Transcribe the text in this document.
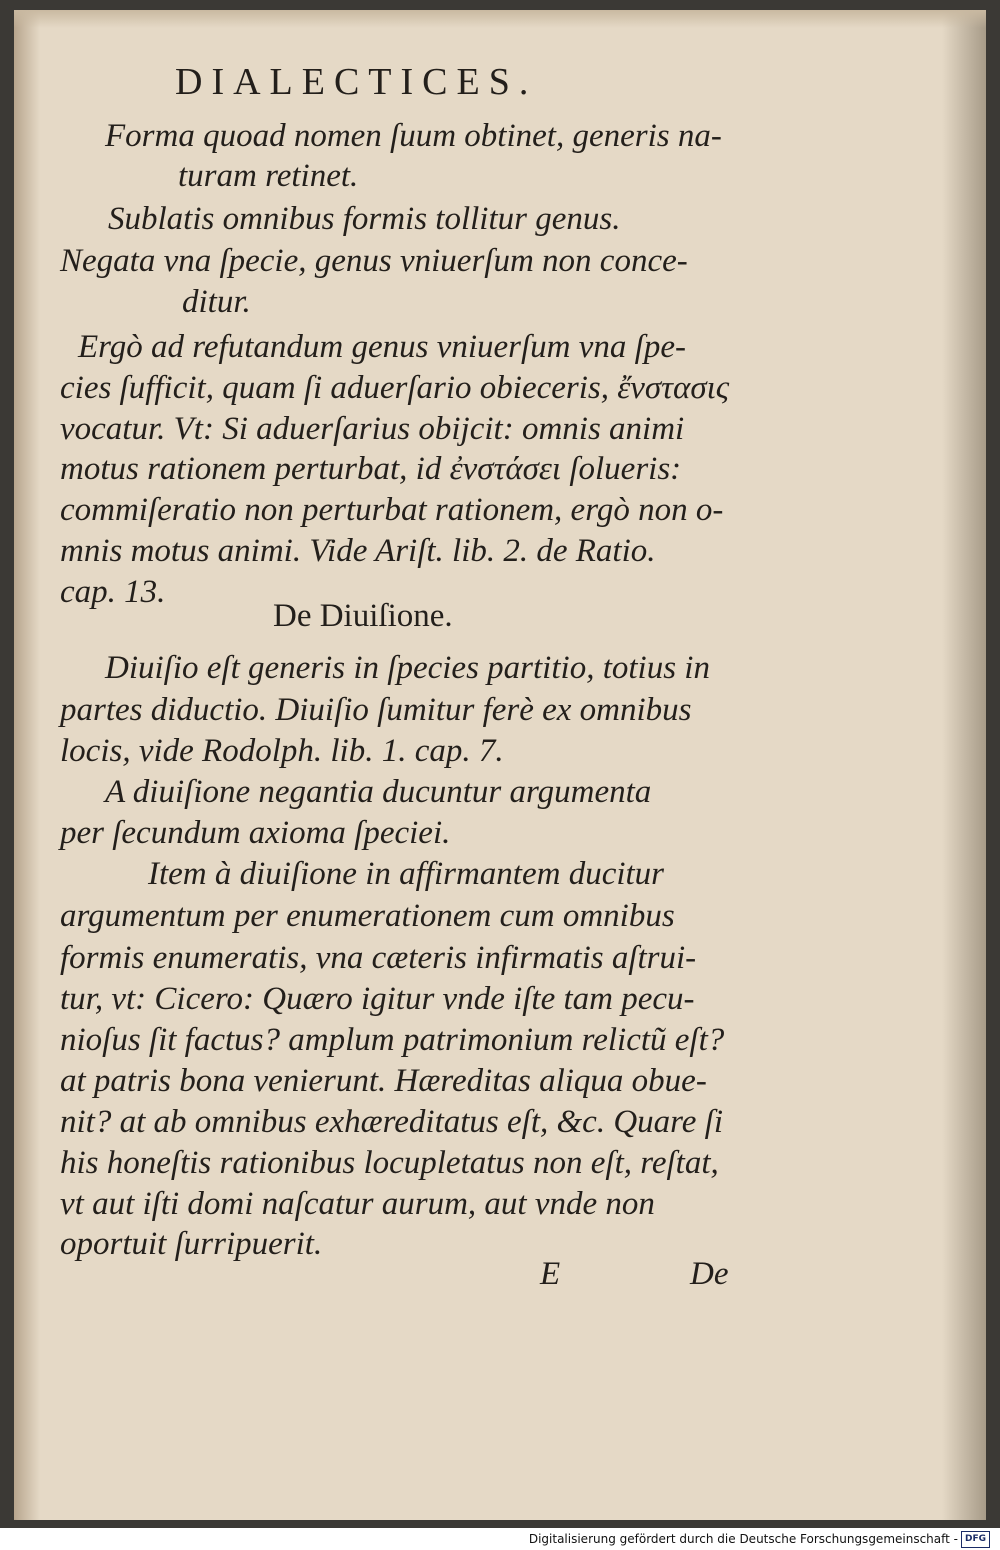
DIALECTICES.

Forma quoad nomen ſuum obtinet, generis na-

turam retinet.

Sublatis omnibus formis tollitur genus.

Negata vna ſpecie, genus vniuerſum non conce-

ditur.

Ergò ad refutandum genus vniuerſum vna ſpe-

cies ſufficit, quam ſi aduerſario obieceris, ἔνστασις

vocatur. Vt: Si aduerſarius obijcit: omnis animi

motus rationem perturbat, id ἐνστάσει ſolueris:

commiſeratio non perturbat rationem, ergò non o-

mnis motus animi. Vide Ariſt. lib. 2. de Ratio.

cap. 13.

De Diuiſione.

Diuiſio eſt generis in ſpecies partitio, totius in

partes diductio. Diuiſio ſumitur ferè ex omnibus

locis, vide Rodolph. lib. 1. cap. 7.

A diuiſione negantia ducuntur argumenta

per ſecundum axioma ſpeciei.

Item à diuiſione in affirmantem ducitur

argumentum per enumerationem cum omnibus

formis enumeratis, vna cæteris infirmatis aſtrui-

tur, vt: Cicero: Quæro igitur vnde iſte tam pecu-

nioſus ſit factus? amplum patrimonium relictũ eſt?

at patris bona venierunt. Hæreditas aliqua obue-

nit? at ab omnibus exhæreditatus eſt, &c. Quare ſi

his honeſtis rationibus locupletatus non eſt, reſtat,

vt aut iſti domi naſcatur aurum, aut vnde non

oportuit ſurripuerit.

E	De

Digitalisierung gefördert durch die Deutsche Forschungsgemeinschaft - DFG
